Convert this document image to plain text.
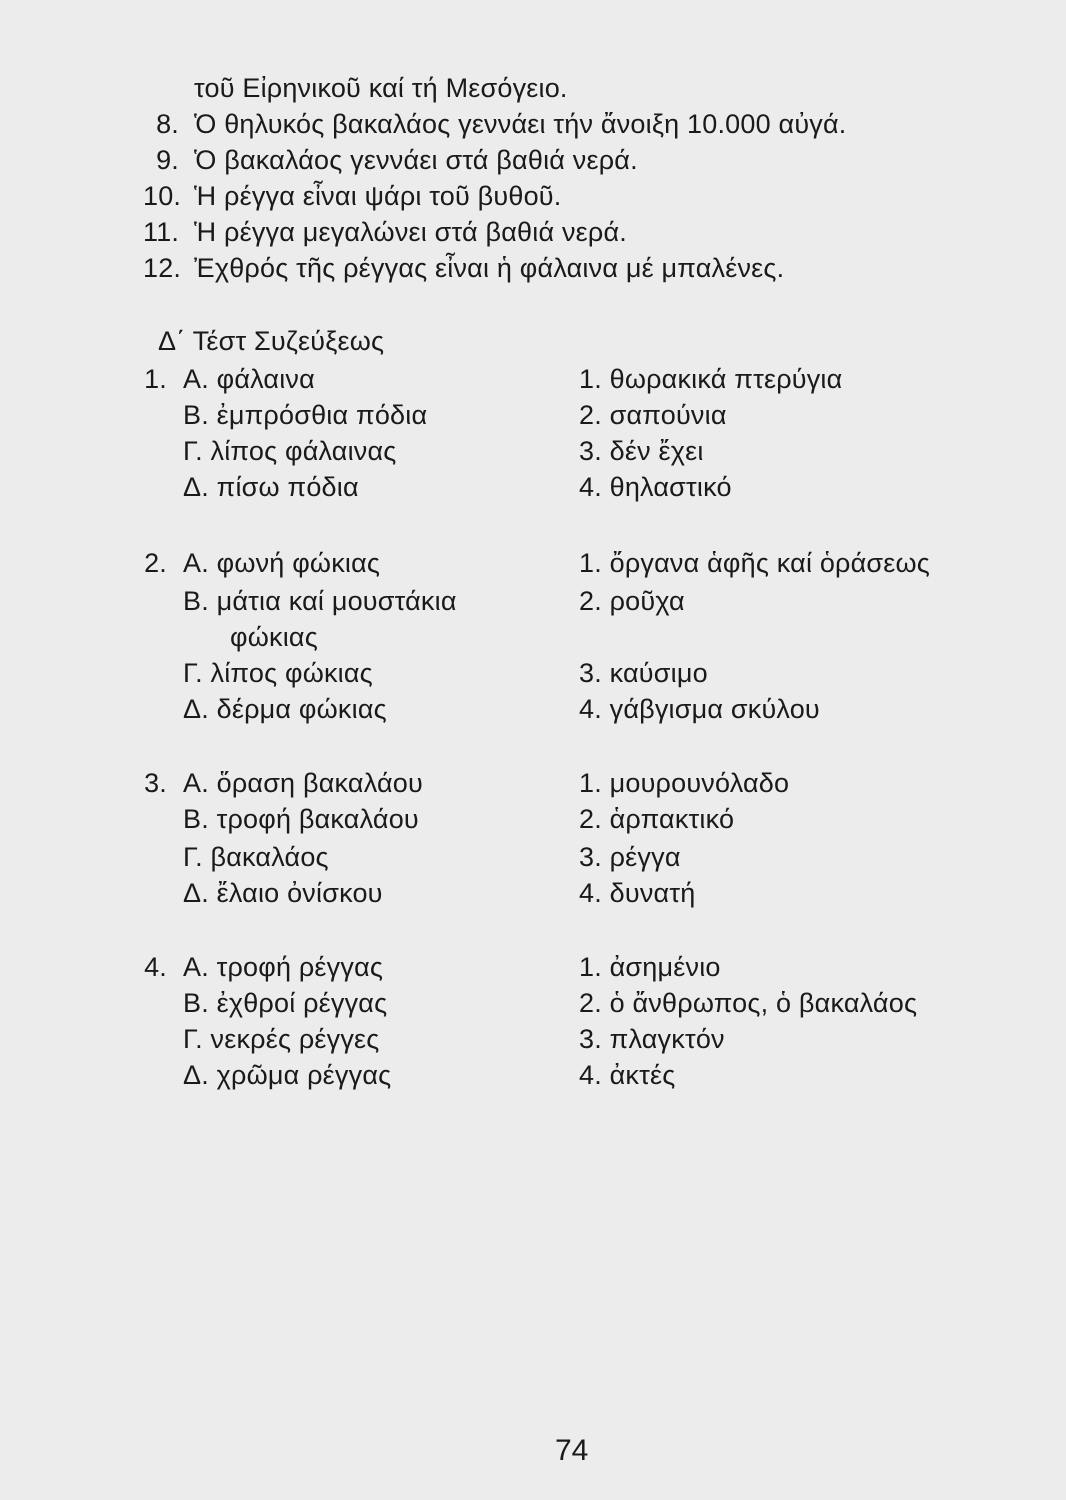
τοῦ Εἰρηνικοῦ καί τή Μεσόγειο.
8. Ὁ θηλυκός βακαλάος γεννάει τήν ἄνοιξη 10.000 αὐγά.
9. Ὁ βακαλάος γεννάει στά βαθιά νερά.
10. Ἡ ρέγγα εἶναι ψάρι τοῦ βυθοῦ.
11. Ἡ ρέγγα μεγαλώνει στά βαθιά νερά.
12. Ἐχθρός τῆς ρέγγας εἶναι ἡ φάλαινα μέ μπαλένες.
Δ΄ Τέστ Συζεύξεως
1. Α. φάλαινα
Β. ἐμπρόσθια πόδια
Γ. λίπος φάλαινας
Δ. πίσω πόδια
1. θωρακικά πτερύγια
2. σαπούνια
3. δέν ἔχει
4. θηλαστικό
2. Α. φωνή φώκιας
Β. μάτια καί μουστάκια
φώκιας
Γ. λίπος φώκιας
Δ. δέρμα φώκιας
1. ὄργανα ἁφῆς καί ὁράσεως
2. ροῦχα
3. καύσιμο
4. γάβγισμα σκύλου
3. Α. ὅραση βακαλάου
Β. τροφή βακαλάου
Γ. βακαλάος
Δ. ἔλαιο ὀνίσκου
1. μουρουνόλαδο
2. ἁρπακτικό
3. ρέγγα
4. δυνατή
4. Α. τροφή ρέγγας
Β. ἐχθροί ρέγγας
Γ. νεκρές ρέγγες
Δ. χρῶμα ρέγγας
1. ἀσημένιο
2. ὁ ἄνθρωπος, ὁ βακαλάος
3. πλαγκτόν
4. ἀκτές
74
